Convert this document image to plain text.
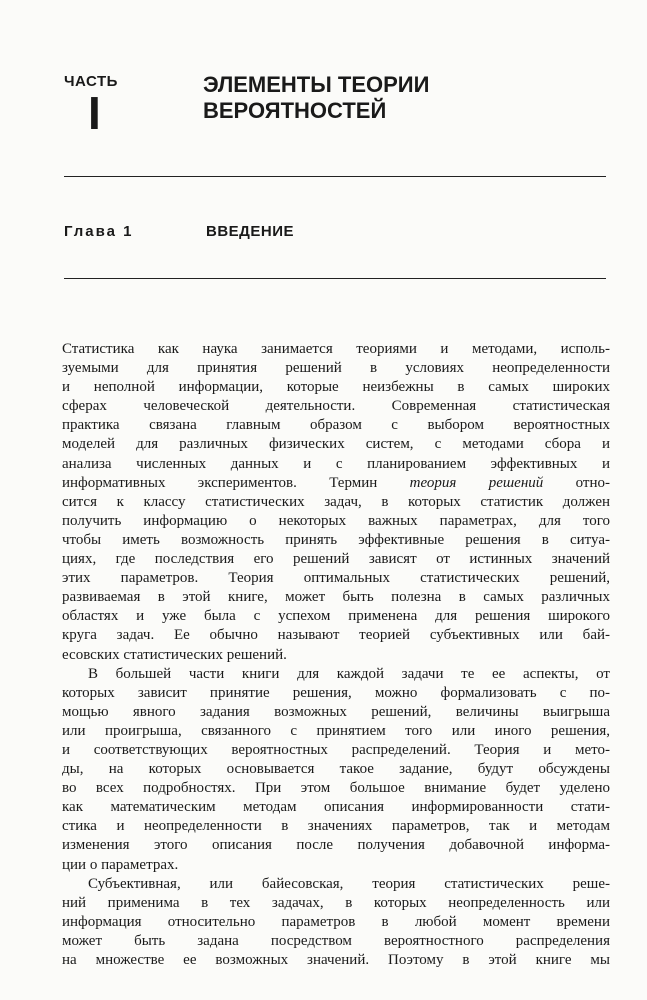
ЧАСТЬ
I
ЭЛЕМЕНТЫ ТЕОРИИ
ВЕРОЯТНОСТЕЙ
Глава 1	ВВЕДЕНИЕ
Статистика как наука занимается теориями и методами, исполь-
зуемыми для принятия решений в условиях неопределенности
и неполной информации, которые неизбежны в самых широких
сферах человеческой деятельности. Современная статистическая
практика связана главным образом с выбором вероятностных
моделей для различных физических систем, с методами сбора и
анализа численных данных и с планированием эффективных и
информативных экспериментов. Термин теория решений отно-
сится к классу статистических задач, в которых статистик должен
получить информацию о некоторых важных параметрах, для того
чтобы иметь возможность принять эффективные решения в ситуа-
циях, где последствия его решений зависят от истинных значений
этих параметров. Теория оптимальных статистических решений,
развиваемая в этой книге, может быть полезна в самых различных
областях и уже была с успехом применена для решения широкого
круга задач. Ее обычно называют теорией субъективных или бай-
есовских статистических решений.
В большей части книги для каждой задачи те ее аспекты, от
которых зависит принятие решения, можно формализовать с по-
мощью явного задания возможных решений, величины выигрыша
или проигрыша, связанного с принятием того или иного решения,
и соответствующих вероятностных распределений. Теория и мето-
ды, на которых основывается такое задание, будут обсуждены
во всех подробностях. При этом большое внимание будет уделено
как математическим методам описания информированности стати-
стика и неопределенности в значениях параметров, так и методам
изменения этого описания после получения добавочной информа-
ции о параметрах.
Субъективная, или байесовская, теория статистических реше-
ний применима в тех задачах, в которых неопределенность или
информация относительно параметров в любой момент времени
может быть задана посредством вероятностного распределения
на множестве ее возможных значений. Поэтому в этой книге мы
